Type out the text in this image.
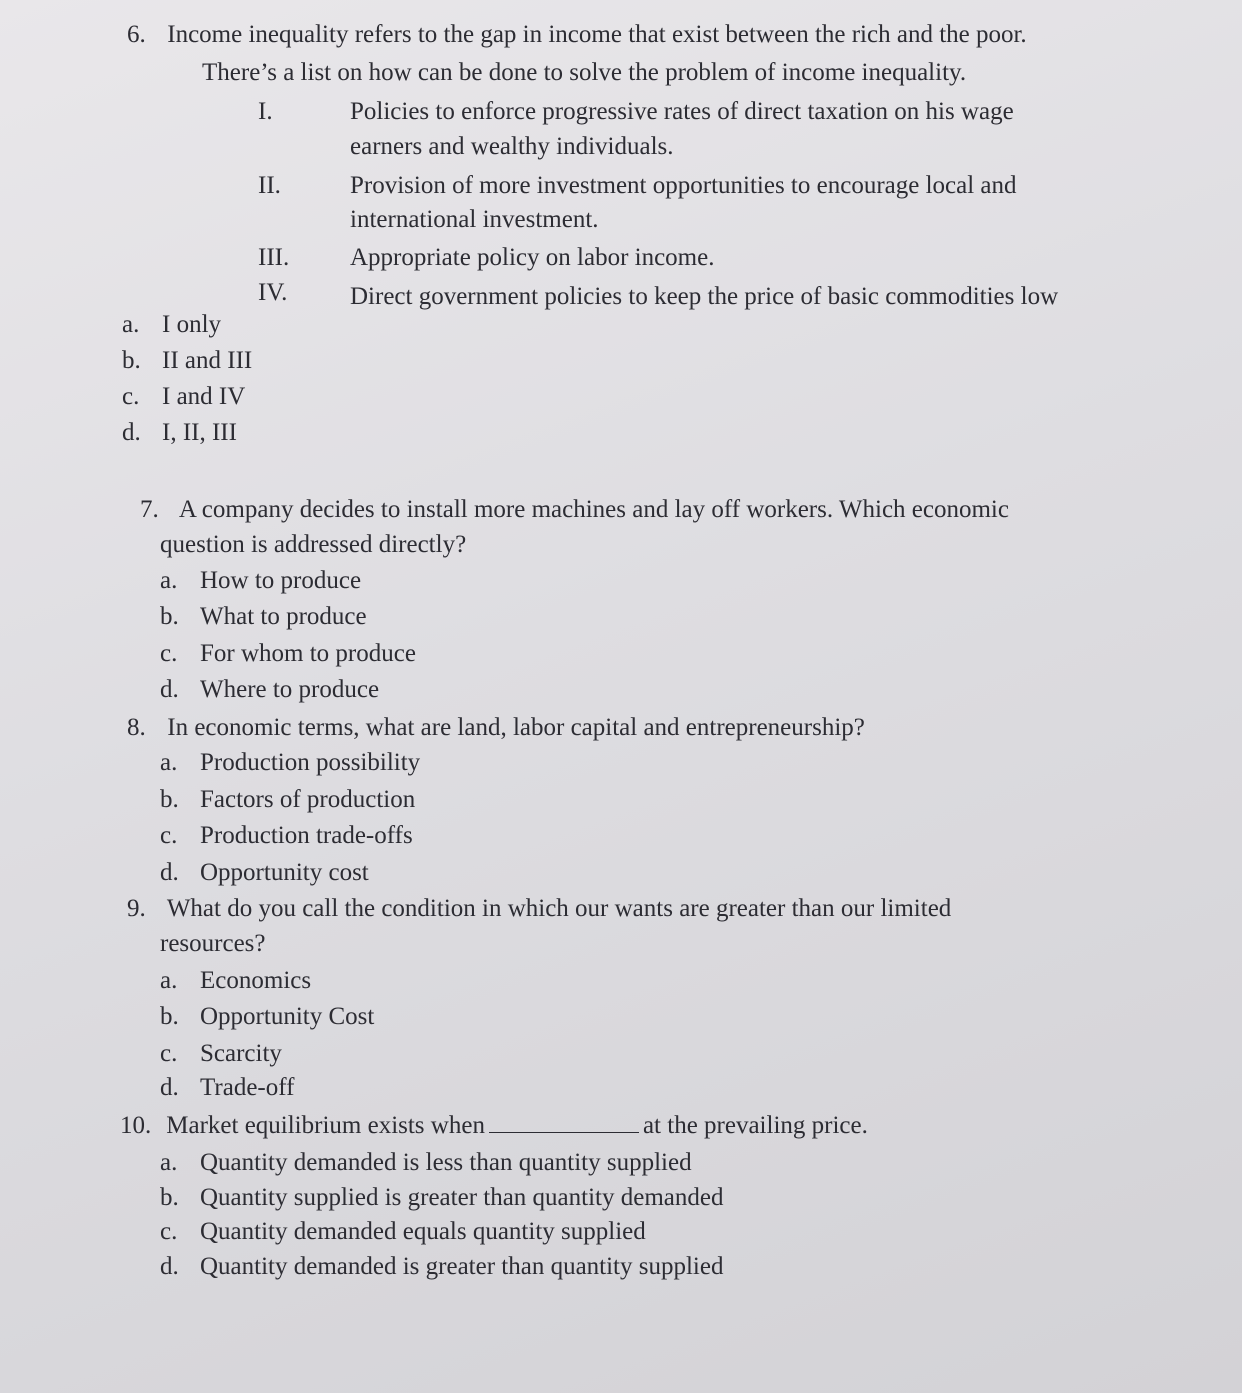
6. Income inequality refers to the gap in income that exist between the rich and the poor.
There’s a list on how can be done to solve the problem of income inequality.
I.	Policies to enforce progressive rates of direct taxation on his wage
earners and wealthy individuals.
II.	Provision of more investment opportunities to encourage local and
international investment.
III. Appropriate policy on labor income.
IV.	Direct government policies to keep the price of basic commodities low
a. I only
b. II and III
c. I and IV
d. I, II, III
7. A company decides to install more machines and lay off workers. Which economic
question is addressed directly?
a. How to produce
b. What to produce
c. For whom to produce
d. Where to produce
8. In economic terms, what are land, labor capital and entrepreneurship?
a. Production possibility
b. Factors of production
c. Production trade-offs
d. Opportunity cost
9. What do you call the condition in which our wants are greater than our limited
resources?
a. Economics
b. Opportunity Cost
c. Scarcity
d. Trade-off
10. Market equilibrium exists when	at the prevailing price.
a. Quantity demanded is less than quantity supplied
b. Quantity supplied is greater than quantity demanded
c. Quantity demanded equals quantity supplied
d. Quantity demanded is greater than quantity supplied
